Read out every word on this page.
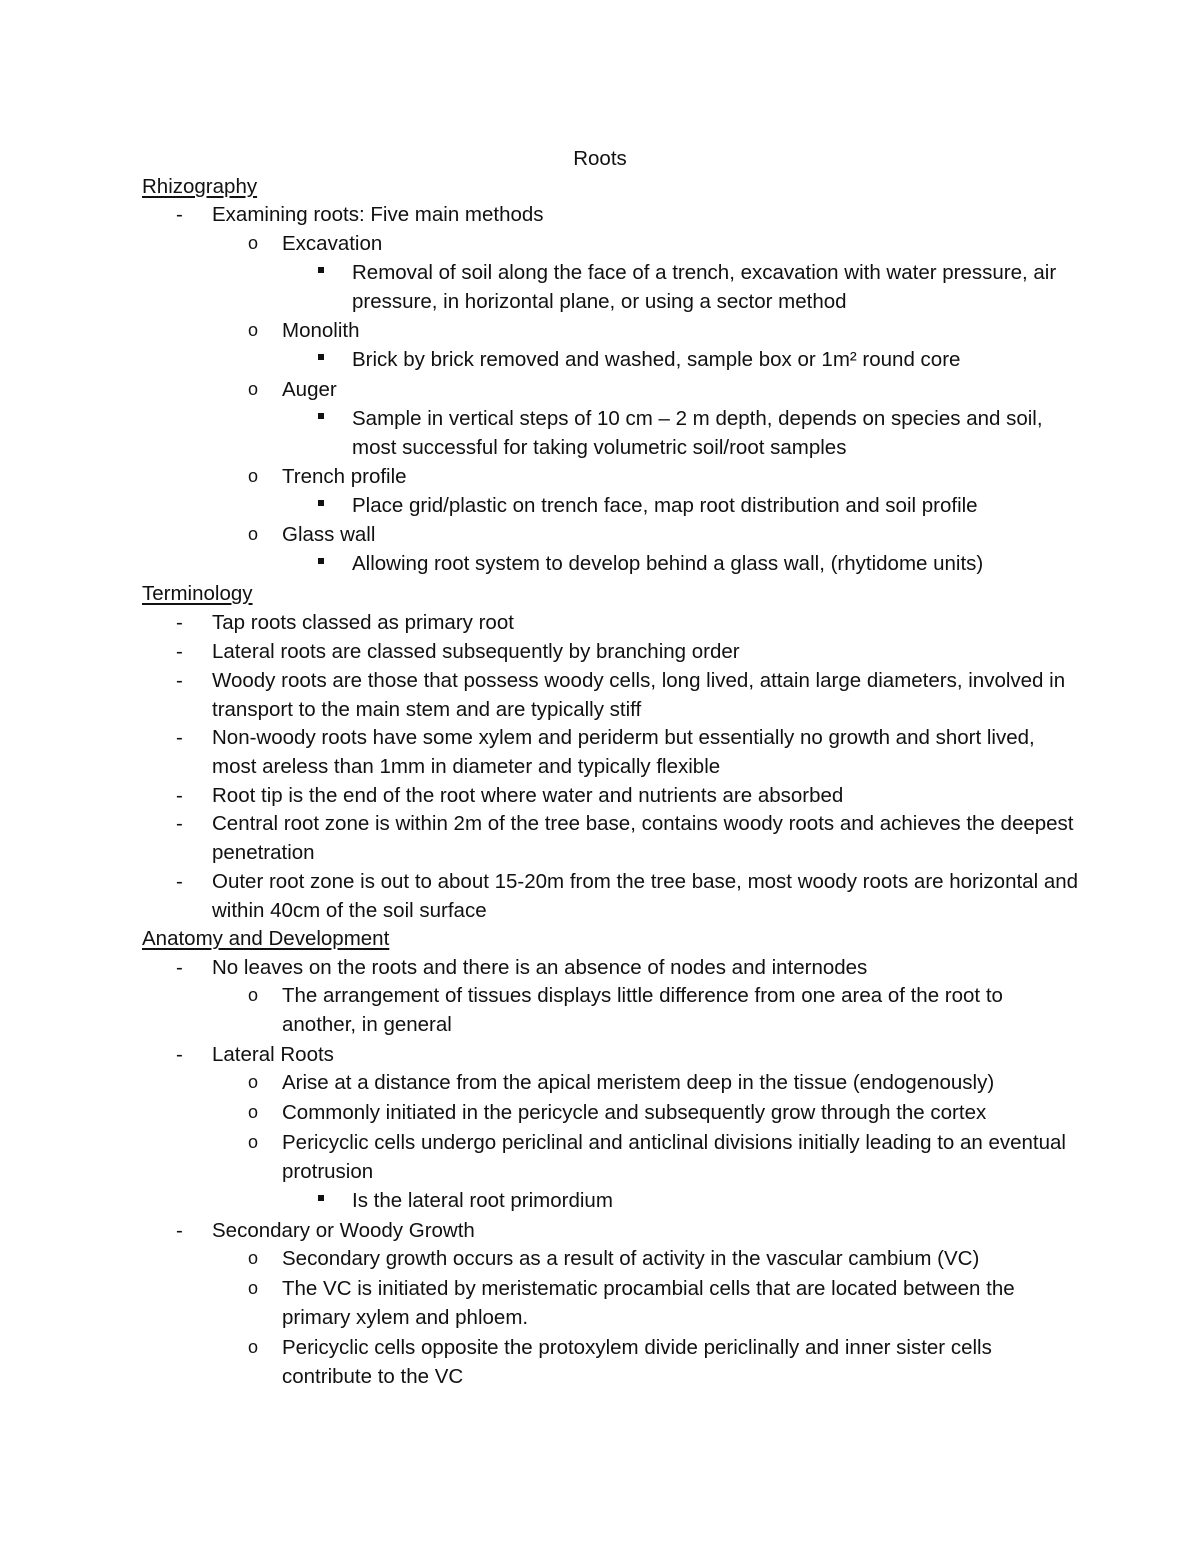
Roots
Rhizography
- Examining roots: Five main methods
o Excavation
Removal of soil along the face of a trench, excavation with water pressure, air pressure, in horizontal plane, or using a sector method
o Monolith
Brick by brick removed and washed, sample box or 1m² round core
o Auger
Sample in vertical steps of 10 cm – 2 m depth, depends on species and soil, most successful for taking volumetric soil/root samples
o Trench profile
Place grid/plastic on trench face, map root distribution and soil profile
o Glass wall
Allowing root system to develop behind a glass wall, (rhytidome units)
Terminology
- Tap roots classed as primary root
- Lateral roots are classed subsequently by branching order
- Woody roots are those that possess woody cells, long lived, attain large diameters, involved in transport to the main stem and are typically stiff
- Non-woody roots have some xylem and periderm but essentially no growth and short lived, most areless than 1mm in diameter and typically flexible
- Root tip is the end of the root where water and nutrients are absorbed
- Central root zone is within 2m of the tree base, contains woody roots and achieves the deepest penetration
- Outer root zone is out to about 15-20m from the tree base, most woody roots are horizontal and within 40cm of the soil surface
Anatomy and Development
- No leaves on the roots and there is an absence of nodes and internodes
o The arrangement of tissues displays little difference from one area of the root to another, in general
- Lateral Roots
o Arise at a distance from the apical meristem deep in the tissue (endogenously)
o Commonly initiated in the pericycle and subsequently grow through the cortex
o Pericyclic cells undergo periclinal and anticlinal divisions initially leading to an eventual protrusion
Is the lateral root primordium
- Secondary or Woody Growth
o Secondary growth occurs as a result of activity in the vascular cambium (VC)
o The VC is initiated by meristematic procambial cells that are located between the primary xylem and phloem.
o Pericyclic cells opposite the protoxylem divide periclinally and inner sister cells contribute to the VC
